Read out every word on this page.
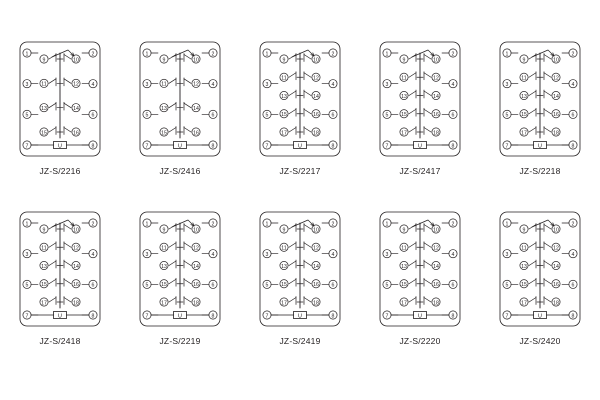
1
3
5
7
2
4
6
8
9
11
13
15
10
12
14
16
U
JZ-S/2216
1
3
5
7
2
4
6
8
9
11
13
15
10
12
14
16
U
JZ-S/2416
1
3
5
7
2
4
6
8
9
11
13
15
17
10
12
14
16
18
U
JZ-S/2217
1
3
5
7
2
4
6
8
9
11
13
15
17
10
12
14
16
18
U
JZ-S/2417
1
3
5
7
2
4
6
8
9
11
13
15
17
10
12
14
16
18
U
JZ-S/2218
1
3
5
7
2
4
6
8
9
11
13
15
17
10
12
14
16
18
U
JZ-S/2418
1
3
5
7
2
4
6
8
9
11
13
15
17
10
12
14
16
18
U
JZ-S/2219
1
3
5
7
2
4
6
8
9
11
13
15
17
10
12
14
16
18
U
JZ-S/2419
1
3
5
7
2
4
6
8
9
11
13
15
17
10
12
14
16
18
U
JZ-S/2220
1
3
5
7
2
4
6
8
9
11
13
15
17
10
12
14
16
18
U
JZ-S/2420
